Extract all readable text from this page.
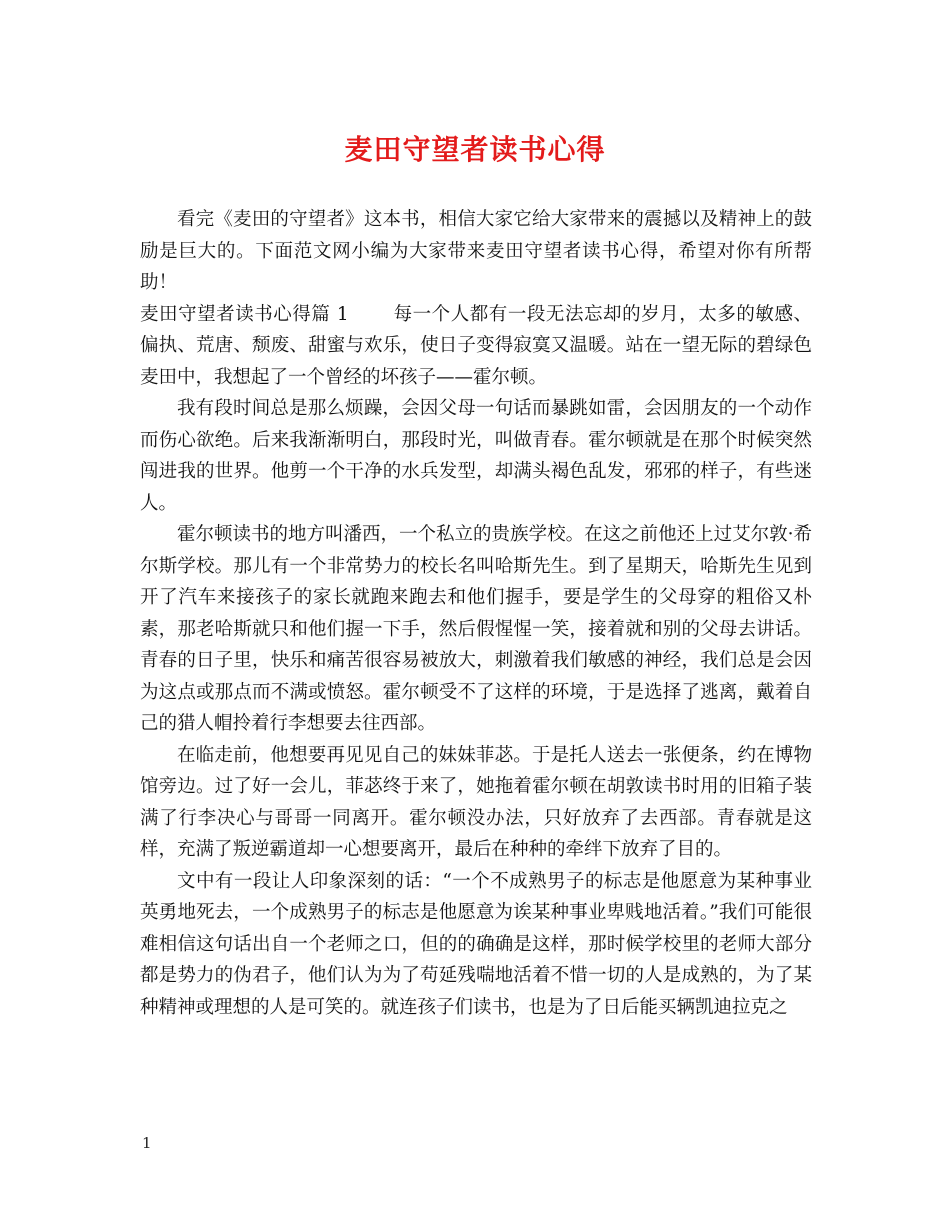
麦田守望者读书心得

看完《麦田的守望者》这本书，相信大家它给大家带来的震撼以及精神上的鼓励是巨大的。下面范文网小编为大家带来麦田守望者读书心得，希望对你有所帮助！

麦田守望者读书心得篇 1 每一个人都有一段无法忘却的岁月，太多的敏感、偏执、荒唐、颓废、甜蜜与欢乐，使日子变得寂寞又温暖。站在一望无际的碧绿色麦田中，我想起了一个曾经的坏孩子——霍尔顿。

我有段时间总是那么烦躁，会因父母一句话而暴跳如雷，会因朋友的一个动作而伤心欲绝。后来我渐渐明白，那段时光，叫做青春。霍尔顿就是在那个时候突然闯进我的世界。他剪一个干净的水兵发型，却满头褐色乱发，邪邪的样子，有些迷人。

霍尔顿读书的地方叫潘西，一个私立的贵族学校。在这之前他还上过艾尔敦·希尔斯学校。那儿有一个非常势力的校长名叫哈斯先生。到了星期天，哈斯先生见到开了汽车来接孩子的家长就跑来跑去和他们握手，要是学生的父母穿的粗俗又朴素，那老哈斯就只和他们握一下手，然后假惺惺一笑，接着就和别的父母去讲话。青春的日子里，快乐和痛苦很容易被放大，刺激着我们敏感的神经，我们总是会因为这点或那点而不满或愤怒。霍尔顿受不了这样的环境，于是选择了逃离，戴着自己的猎人帽拎着行李想要去往西部。

在临走前，他想要再见见自己的妹妹菲苾。于是托人送去一张便条，约在博物馆旁边。过了好一会儿，菲苾终于来了，她拖着霍尔顿在胡敦读书时用的旧箱子装满了行李决心与哥哥一同离开。霍尔顿没办法，只好放弃了去西部。青春就是这样，充满了叛逆霸道却一心想要离开，最后在种种的牵绊下放弃了目的。

文中有一段让人印象深刻的话：“一个不成熟男子的标志是他愿意为某种事业英勇地死去，一个成熟男子的标志是他愿意为诶某种事业卑贱地活着。”我们可能很难相信这句话出自一个老师之口，但的的确确是这样，那时候学校里的老师大部分都是势力的伪君子，他们认为为了苟延残喘地活着不惜一切的人是成熟的，为了某种精神或理想的人是可笑的。就连孩子们读书，也是为了日后能买辆凯迪拉克之

1
